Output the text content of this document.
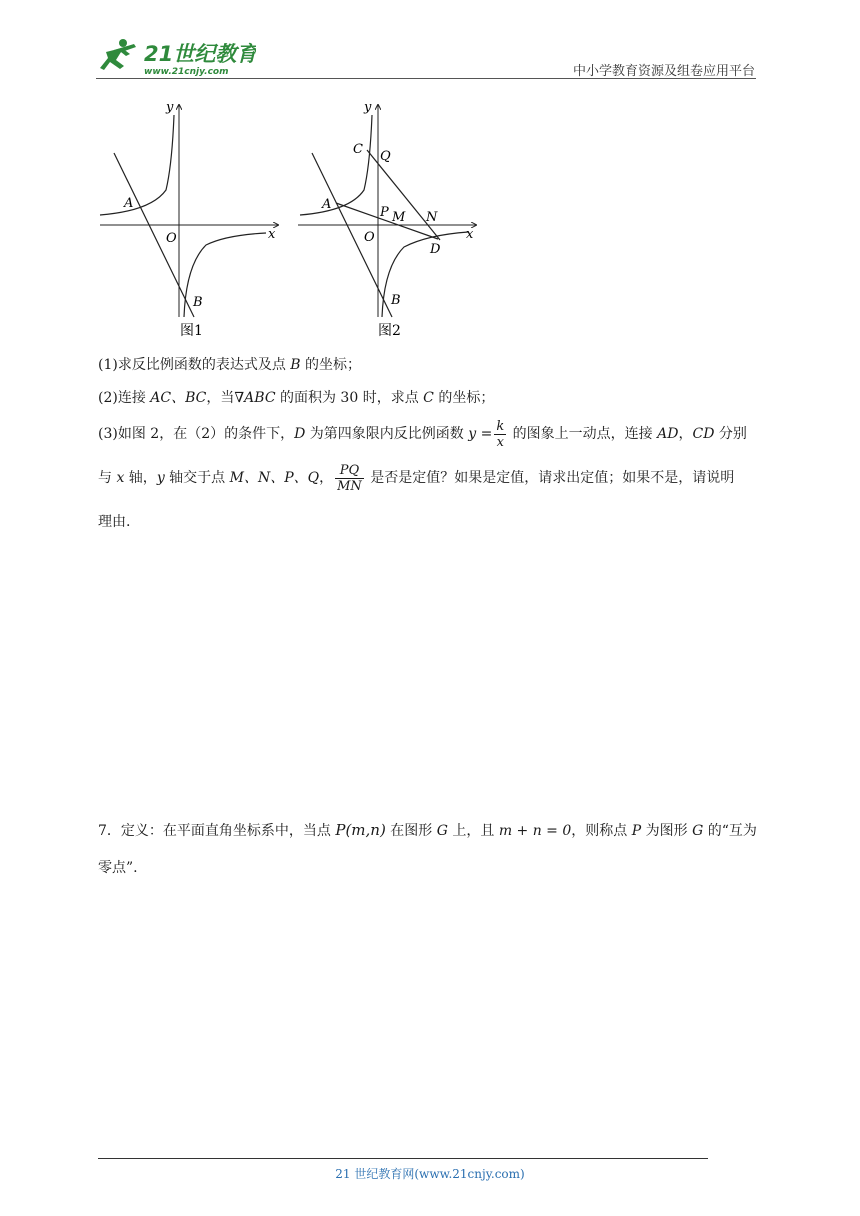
21世纪教育
www.21cnjy.com	中小学教育资源及组卷应用平台
x
y
O
A
B
图1
x
y
O
A
B
C Q
P M N
D
图2
(1)求反比例函数的表达式及点 B 的坐标；
(2)连接 AC、BC，当∇ABC 的面积为 30 时，求点 C 的坐标；
(3)如图 2，在（2）的条件下，D 为第四象限内反比例函数 $y = \frac{k}{x}$ 的图象上一动点，连接 AD，CD 分别
与 x 轴，y 轴交于点 M、N、P、Q， $\frac{PQ}{MN}$ 是否是定值？如果是定值，请求出定值；如果不是，请说明
理由.
7．定义：在平面直角坐标系中，当点 P(m,n) 在图形 G 上，且 m + n = 0，则称点 P 为图形 G 的“互为
零点”.
21 世纪教育网(www.21cnjy.com)
